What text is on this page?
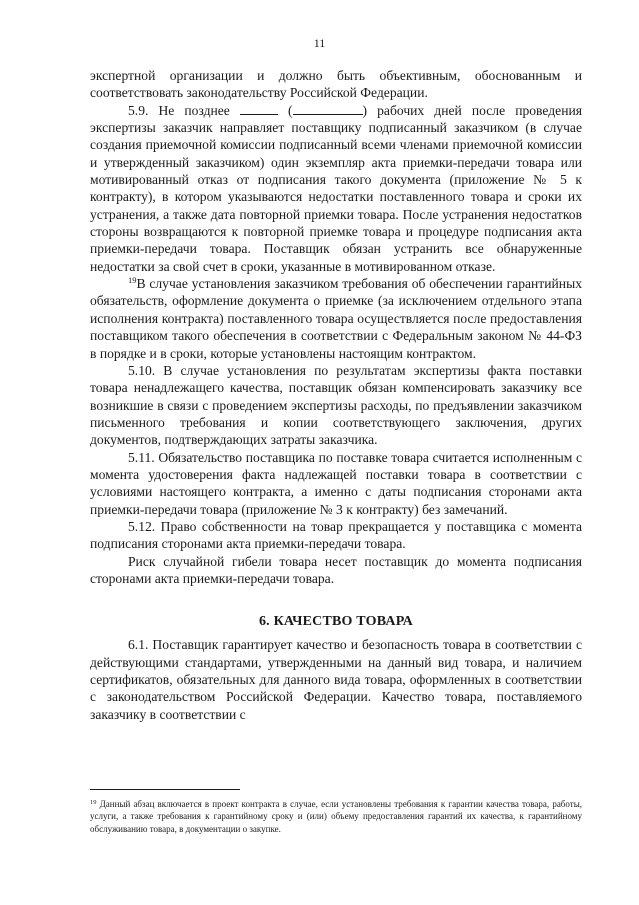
11

экспертной организации и должно быть объективным, обоснованным и соответствовать законодательству Российской Федерации.

5.9. Не позднее	(	) рабочих дней после проведения экспертизы заказчик направляет поставщику подписанный заказчиком (в случае создания приемочной комиссии подписанный всеми членами приемочной комиссии и утвержденный заказчиком) один экземпляр акта приемки-передачи товара или мотивированный отказ от подписания такого документа (приложение № 5 к контракту), в котором указываются недостатки поставленного товара и сроки их устранения, а также дата повторной приемки товара. После устранения недостатков стороны возвращаются к повторной приемке товара и процедуре подписания акта приемки-передачи товара. Поставщик обязан устранить все обнаруженные недостатки за свой счет в сроки, указанные в мотивированном отказе.

$^{19}$В случае установления заказчиком требования об обеспечении гарантийных обязательств, оформление документа о приемке (за исключением отдельного этапа исполнения контракта) поставленного товара осуществляется после предоставления поставщиком такого обеспечения в соответствии с Федеральным законом № 44-ФЗ в порядке и в сроки, которые установлены настоящим контрактом.

5.10. В случае установления по результатам экспертизы факта поставки товара ненадлежащего качества, поставщик обязан компенсировать заказчику все возникшие в связи с проведением экспертизы расходы, по предъявлении заказчиком письменного требования и копии соответствующего заключения, других документов, подтверждающих затраты заказчика.

5.11. Обязательство поставщика по поставке товара считается исполненным с момента удостоверения факта надлежащей поставки товара в соответствии с условиями настоящего контракта, а именно с даты подписания сторонами акта приемки-передачи товара (приложение № 3 к контракту) без замечаний.

5.12. Право собственности на товар прекращается у поставщика с момента подписания сторонами акта приемки-передачи товара.

Риск случайной гибели товара несет поставщик до момента подписания сторонами акта приемки-передачи товара.

6. КАЧЕСТВО ТОВАРА

6.1. Поставщик гарантирует качество и безопасность товара в соответствии с действующими стандартами, утвержденными на данный вид товара, и наличием сертификатов, обязательных для данного вида товара, оформленных в соответствии с законодательством Российской Федерации. Качество товара, поставляемого заказчику в соответствии с

$^{19}$ Данный абзац включается в проект контракта в случае, если установлены требования к гарантии качества товара, работы, услуги, а также требования к гарантийному сроку и (или) объему предоставления гарантий их качества, к гарантийному обслуживанию товара, в документации о закупке.
